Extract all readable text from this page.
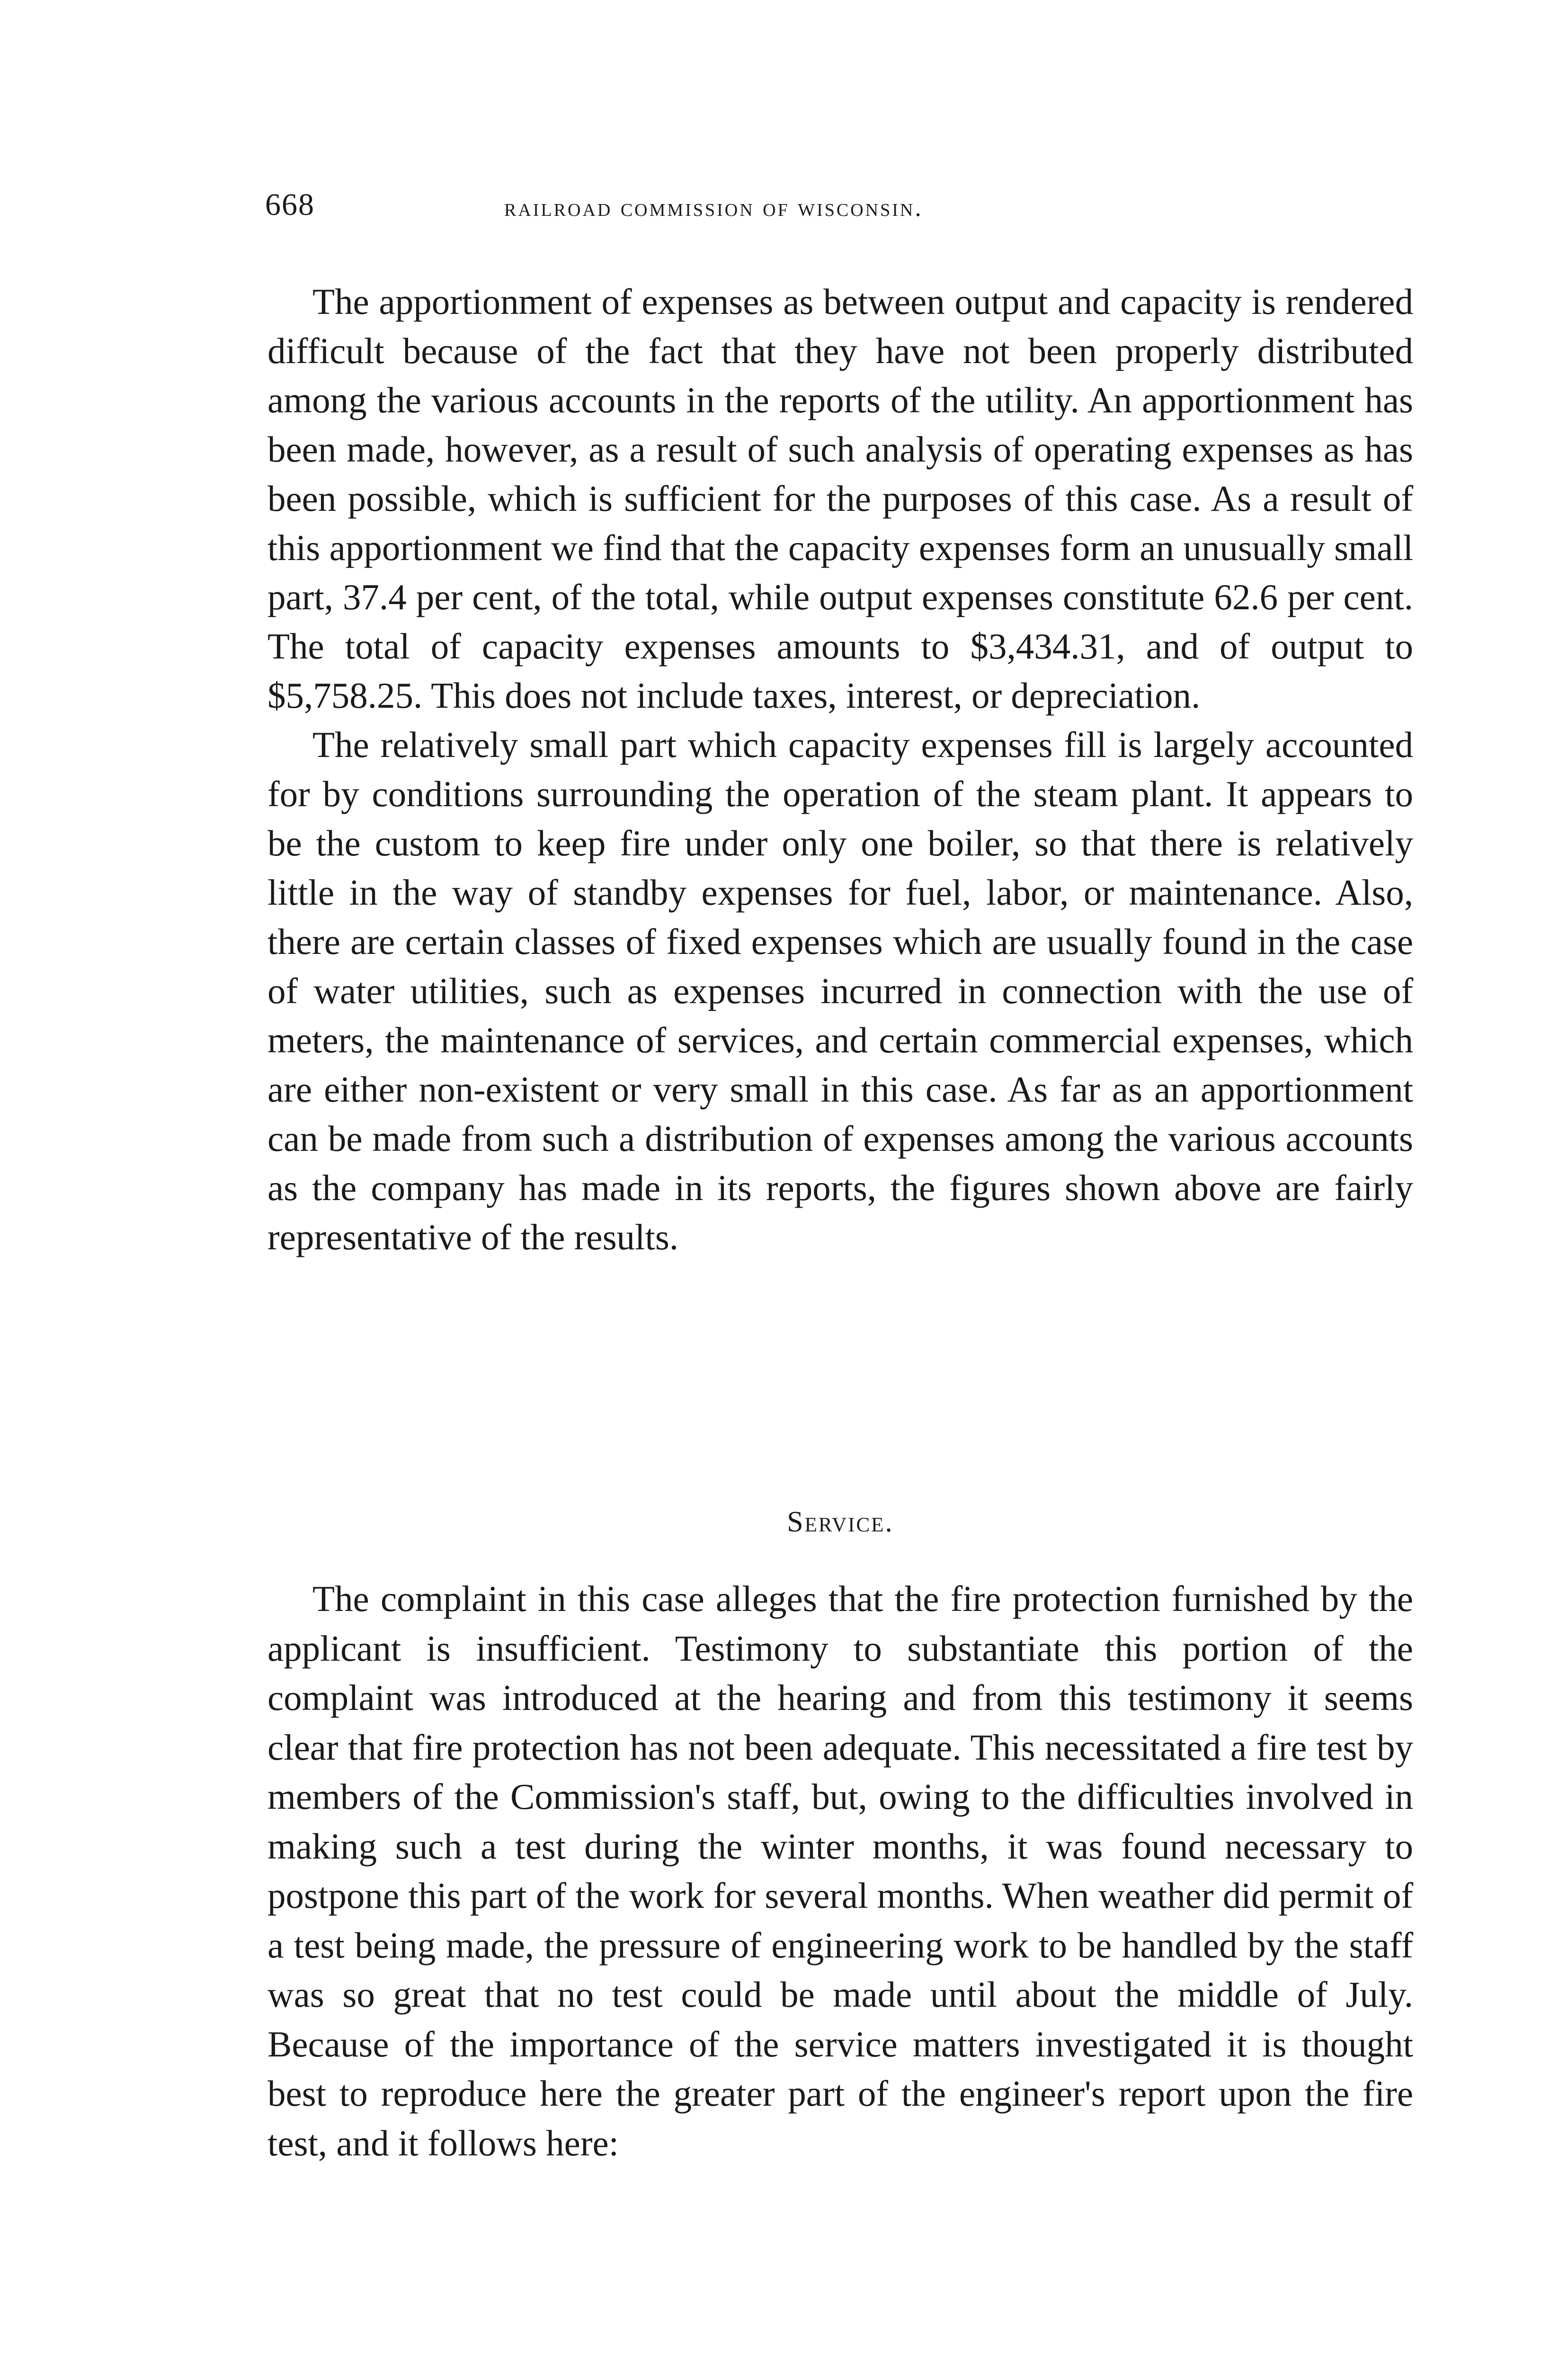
668	railroad commission of wisconsin.

The apportionment of expenses as between output and capacity is rendered difficult because of the fact that they have not been properly distributed among the various accounts in the reports of the utility. An apportionment has been made, however, as a result of such analysis of operating expenses as has been possible, which is sufficient for the purposes of this case. As a result of this apportionment we find that the capacity expenses form an unusually small part, 37.4 per cent, of the total, while output expenses constitute 62.6 per cent. The total of capacity expenses amounts to $3,434.31, and of output to $5,758.25. This does not include taxes, interest, or depreciation.

The relatively small part which capacity expenses fill is largely accounted for by conditions surrounding the operation of the steam plant. It appears to be the custom to keep fire under only one boiler, so that there is relatively little in the way of standby expenses for fuel, labor, or maintenance. Also, there are certain classes of fixed expenses which are usually found in the case of water utilities, such as expenses incurred in connection with the use of meters, the maintenance of services, and certain commercial expenses, which are either non-existent or very small in this case. As far as an apportionment can be made from such a distribution of expenses among the various accounts as the company has made in its reports, the figures shown above are fairly representative of the results.

Service.

The complaint in this case alleges that the fire protection furnished by the applicant is insufficient. Testimony to substantiate this portion of the complaint was introduced at the hearing and from this testimony it seems clear that fire protection has not been adequate. This necessitated a fire test by members of the Commission's staff, but, owing to the difficulties involved in making such a test during the winter months, it was found necessary to postpone this part of the work for several months. When weather did permit of a test being made, the pressure of engineering work to be handled by the staff was so great that no test could be made until about the middle of July. Because of the importance of the service matters investigated it is thought best to reproduce here the greater part of the engineer's report upon the fire test, and it follows here:
